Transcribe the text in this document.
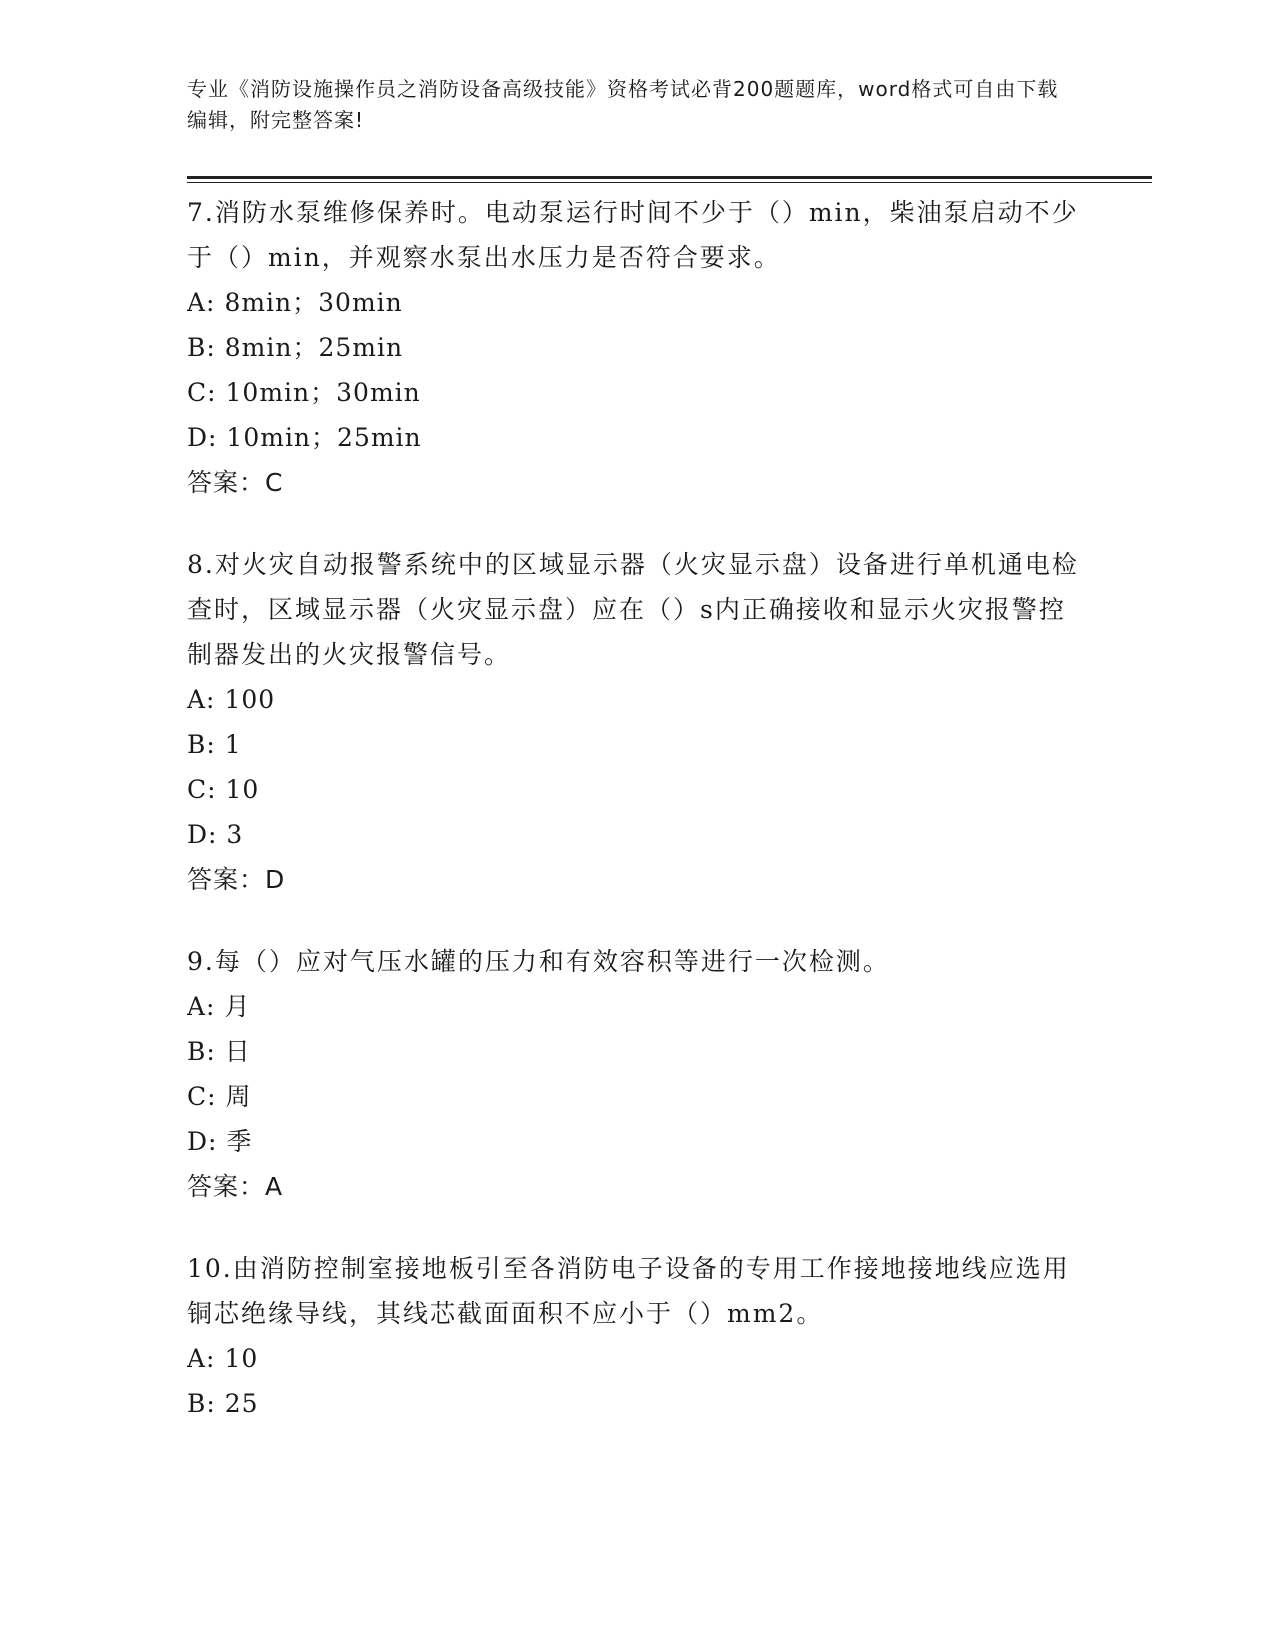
专业《消防设施操作员之消防设备高级技能》资格考试必背200题题库，word格式可自由下载编辑，附完整答案!

7.消防水泵维修保养时。电动泵运行时间不少于（）min，柴油泵启动不少于（）min，并观察水泵出水压力是否符合要求。

A: 8min；30min

B: 8min；25min

C: 10min；30min

D: 10min；25min

答案：C

8.对火灾自动报警系统中的区域显示器（火灾显示盘）设备进行单机通电检查时，区域显示器（火灾显示盘）应在（）s内正确接收和显示火灾报警控制器发出的火灾报警信号。

A: 100

B: 1

C: 10

D: 3

答案：D

9.每（）应对气压水罐的压力和有效容积等进行一次检测。

A: 月

B: 日

C: 周

D: 季

答案：A

10.由消防控制室接地板引至各消防电子设备的专用工作接地接地线应选用铜芯绝缘导线，其线芯截面面积不应小于（）mm2。

A: 10

B: 25
